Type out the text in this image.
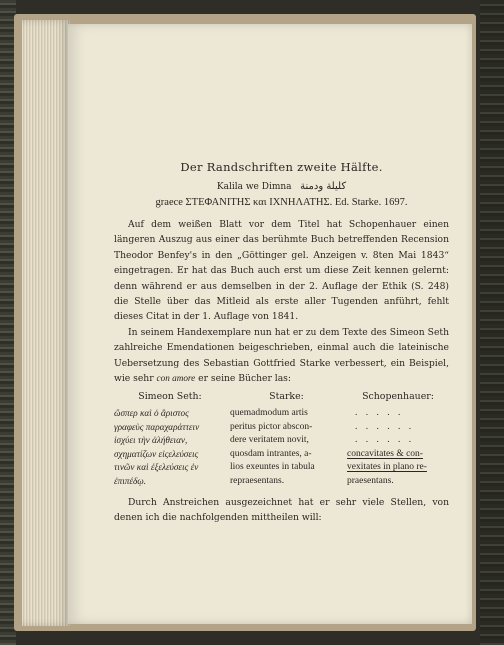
Der Randschriften zweite Hälfte.

Kalila we Dimna كليلة ودمنة

graece ΣΤΕΦΑΝΙΤΗΣ και ΙΧΝΗΛΑΤΗΣ. Ed. Starke. 1697.

Auf dem weißen Blatt vor dem Titel hat Schopenhauer einen längeren Auszug aus einer das berühmte Buch betreffenden Recension Theodor Benfey's in den „Göttinger gel. Anzeigen v. 8ten Mai 1843“ eingetragen. Er hat das Buch auch erst um diese Zeit kennen gelernt: denn während er aus demselben in der 2. Auflage der Ethik (S. 248) die Stelle über das Mitleid als erste aller Tugenden anführt, fehlt dieses Citat in der 1. Auflage von 1841.

In seinem Handexemplare nun hat er zu dem Texte des Simeon Seth zahlreiche Emendationen beigeschrieben, einmal auch die lateinische Uebersetzung des Sebastian Gottfried Starke verbessert, ein Beispiel, wie sehr con amore er seine Bücher las:

Simeon Seth:
ὥσπερ καὶ ὁ ἄριστος
γραφεὺς παραχαράττειν
ἰσχύει τὴν ἀλήθειαν,
σχηματίζων εἰςελεύσεις
τινῶν καὶ ἐξελεύσεις ἐν
ἐπιπέδῳ.
Starke:
quemadmodum artis
peritus pictor abscon-
dere veritatem novit,
quosdam intrantes, a-
lios exeuntes in tabula
repraesentans.
Schopenhauer:
. . . . .
. . . . . .
. . . . . .
concavitates & con-
vexitates in plano re-
praesentans.

Durch Anstreichen ausgezeichnet hat er sehr viele Stellen, von denen ich die nachfolgenden mittheilen will:
